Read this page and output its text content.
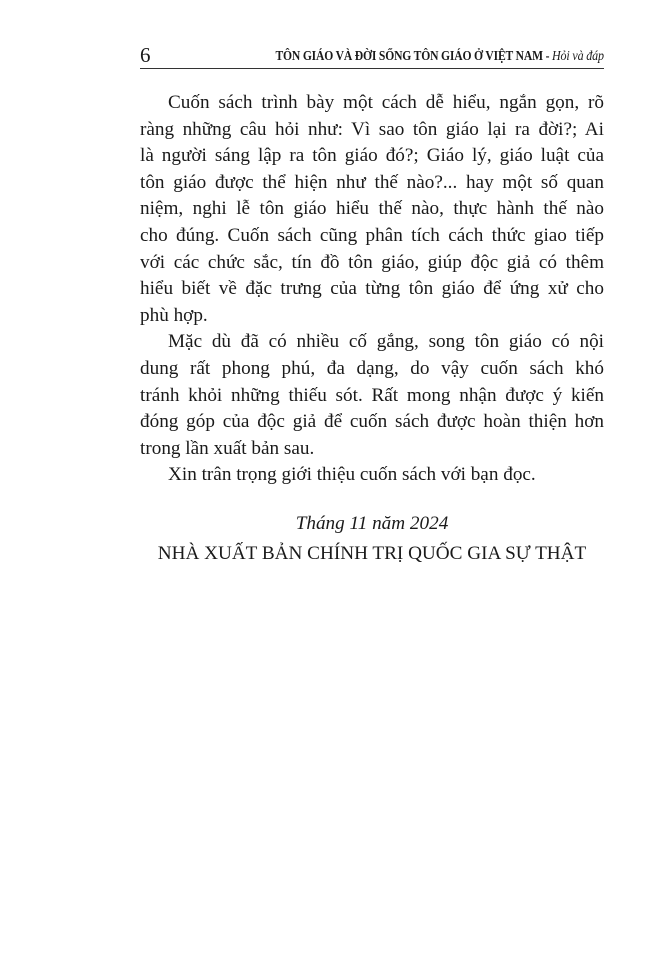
6	TÔN GIÁO VÀ ĐỜI SỐNG TÔN GIÁO Ở VIỆT NAM - Hỏi và đáp
Cuốn sách trình bày một cách dễ hiểu, ngắn gọn, rõ
ràng những câu hỏi như: Vì sao tôn giáo lại ra đời?; Ai
là người sáng lập ra tôn giáo đó?; Giáo lý, giáo luật của
tôn giáo được thể hiện như thế nào?... hay một số quan
niệm, nghi lễ tôn giáo hiểu thế nào, thực hành thế nào
cho đúng. Cuốn sách cũng phân tích cách thức giao tiếp
với các chức sắc, tín đồ tôn giáo, giúp độc giả có thêm
hiểu biết về đặc trưng của từng tôn giáo để ứng xử cho
phù hợp.
Mặc dù đã có nhiều cố gắng, song tôn giáo có nội
dung rất phong phú, đa dạng, do vậy cuốn sách khó
tránh khỏi những thiếu sót. Rất mong nhận được ý kiến
đóng góp của độc giả để cuốn sách được hoàn thiện hơn
trong lần xuất bản sau.
Xin trân trọng giới thiệu cuốn sách với bạn đọc.
Tháng 11 năm 2024
NHÀ XUẤT BẢN CHÍNH TRỊ QUỐC GIA SỰ THẬT
